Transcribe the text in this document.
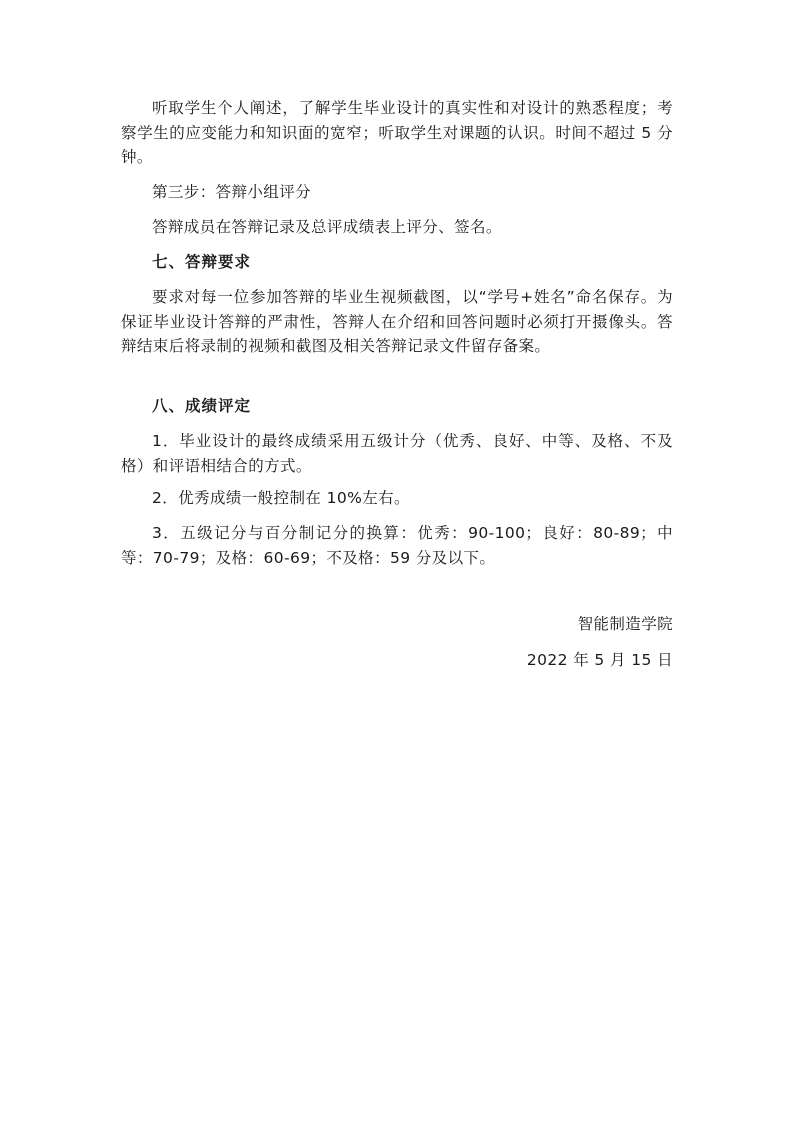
听取学生个人阐述，了解学生毕业设计的真实性和对设计的熟悉程度；考察学生的应变能力和知识面的宽窄；听取学生对课题的认识。时间不超过 5 分钟。

第三步：答辩小组评分

答辩成员在答辩记录及总评成绩表上评分、签名。

七、答辩要求

要求对每一位参加答辩的毕业生视频截图，以“学号+姓名”命名保存。为保证毕业设计答辩的严肃性，答辩人在介绍和回答问题时必须打开摄像头。答辩结束后将录制的视频和截图及相关答辩记录文件留存备案。

八、成绩评定

1．毕业设计的最终成绩采用五级计分（优秀、良好、中等、及格、不及格）和评语相结合的方式。

2．优秀成绩一般控制在 10%左右。

3．五级记分与百分制记分的换算：优秀：90-100；良好：80-89；中等：70-79；及格：60-69；不及格：59 分及以下。

智能制造学院

2022 年 5 月 15 日
